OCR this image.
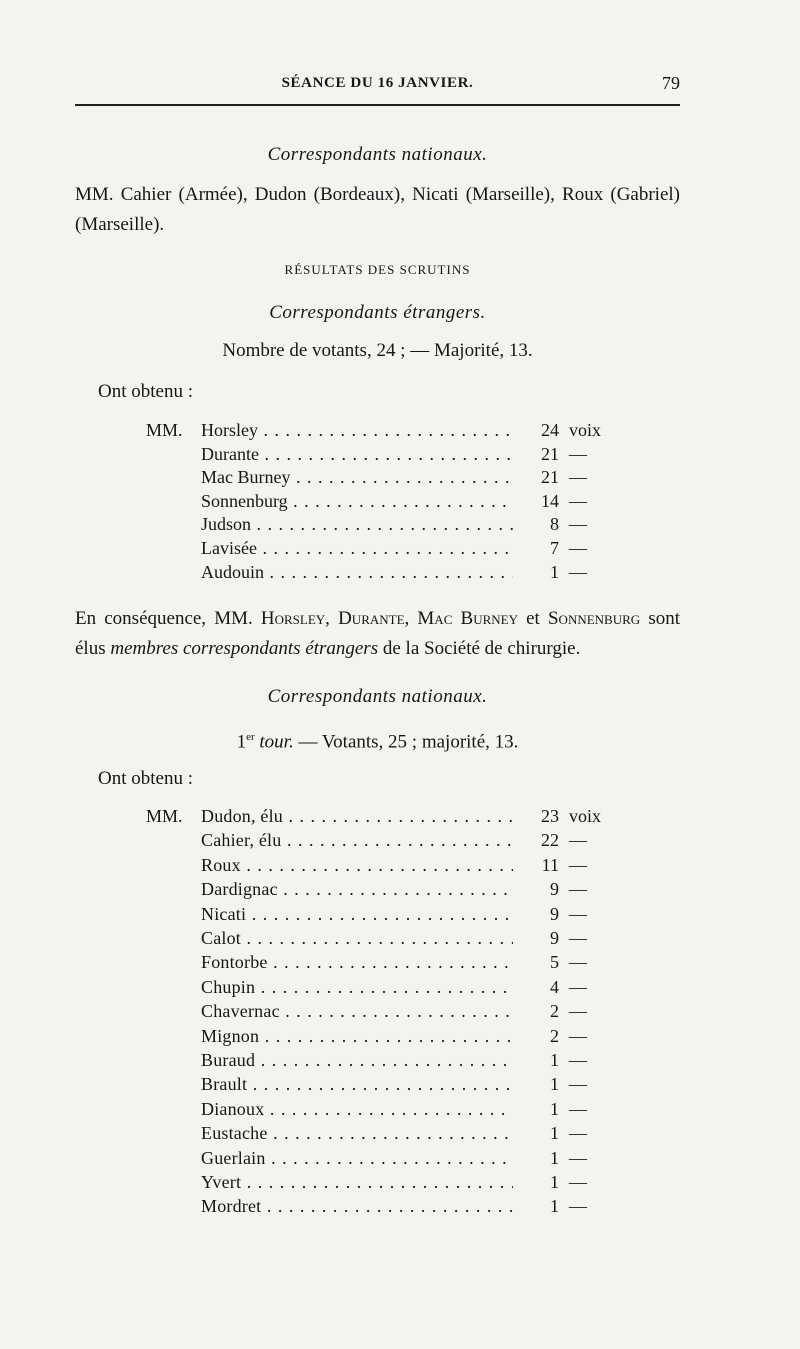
SÉANCE DU 16 JANVIER.	79
Correspondants nationaux.
MM. Cahier (Armée), Dudon (Bordeaux), Nicati (Marseille), Roux (Gabriel) (Marseille).
RÉSULTATS DES SCRUTINS
Correspondants étrangers.
Nombre de votants, 24 ; — Majorité, 13.
Ont obtenu :
MM. Horsley . . .	24 voix
Durante . . .	21 —
Mac Burney . . .	21 —
Sonnenburg . . .	14 —
Judson . . .	8 —
Lavisée . . .	7 —
Audouin . . .	1 —
En conséquence, MM. Horsley, Durante, Mac Burney et Sonnenburg sont élus membres correspondants étrangers de la Société de chirurgie.
Correspondants nationaux.
1er tour. — Votants, 25 ; majorité, 13.
Ont obtenu :
MM. Dudon, élu . . .	23 voix
Cahier, élu . . .	22 —
Roux . . .	11 —
Dardignac . . .	9 —
Nicati . . .	9 —
Calot . . .	9 —
Fontorbe . . .	5 —
Chupin . . .	4 —
Chavernac . . .	2 —
Mignon . . .	2 —
Buraud . . .	1 —
Brault . . .	1 —
Dianoux . . .	1 —
Eustache . . .	1 —
Guerlain . . .	1 —
Yvert . . .	1 —
Mordret . . .	1 —
